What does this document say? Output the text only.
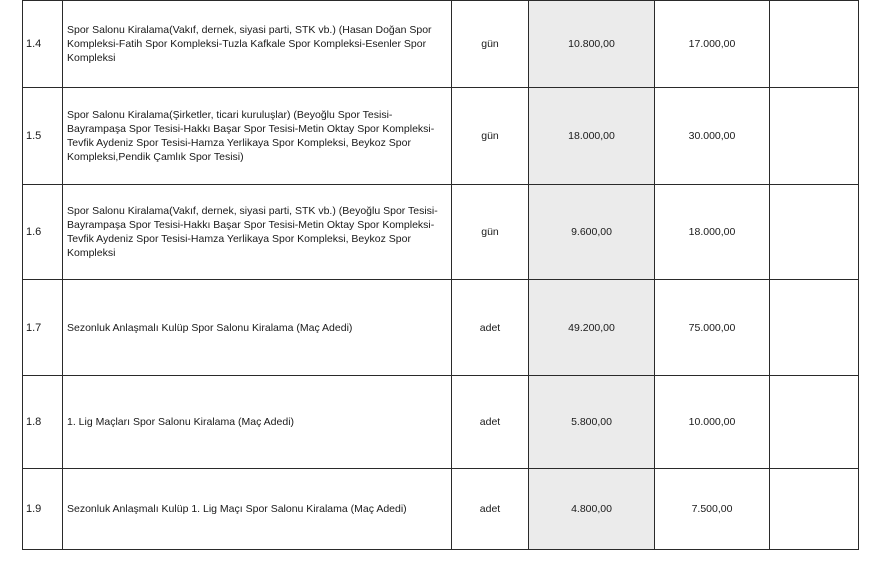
1.4	Spor Salonu Kiralama(Vakıf, dernek, siyasi parti, STK vb.) (Hasan Doğan Spor Kompleksi-Fatih Spor Kompleksi-Tuzla Kafkale Spor Kompleksi-Esenler Spor Kompleksi	gün	10.800,00	17.000,00	
1.5	Spor Salonu Kiralama(Şirketler, ticari kuruluşlar) (Beyoğlu Spor Tesisi-Bayrampaşa Spor Tesisi-Hakkı Başar Spor Tesisi-Metin Oktay Spor Kompleksi-Tevfik Aydeniz Spor Tesisi-Hamza Yerlikaya Spor Kompleksi, Beykoz Spor Kompleksi,Pendik Çamlık Spor Tesisi)	gün	18.000,00	30.000,00	
1.6	Spor Salonu Kiralama(Vakıf, dernek, siyasi parti, STK vb.) (Beyoğlu Spor Tesisi-Bayrampaşa Spor Tesisi-Hakkı Başar Spor Tesisi-Metin Oktay Spor Kompleksi-Tevfik Aydeniz Spor Tesisi-Hamza Yerlikaya Spor Kompleksi, Beykoz Spor Kompleksi	gün	9.600,00	18.000,00	
1.7	Sezonluk Anlaşmalı Kulüp Spor Salonu Kiralama (Maç Adedi)	adet	49.200,00	75.000,00	
1.8	1. Lig Maçları Spor Salonu Kiralama (Maç Adedi)	adet	5.800,00	10.000,00	
1.9	Sezonluk Anlaşmalı Kulüp 1. Lig Maçı Spor Salonu Kiralama (Maç Adedi)	adet	4.800,00	7.500,00	
